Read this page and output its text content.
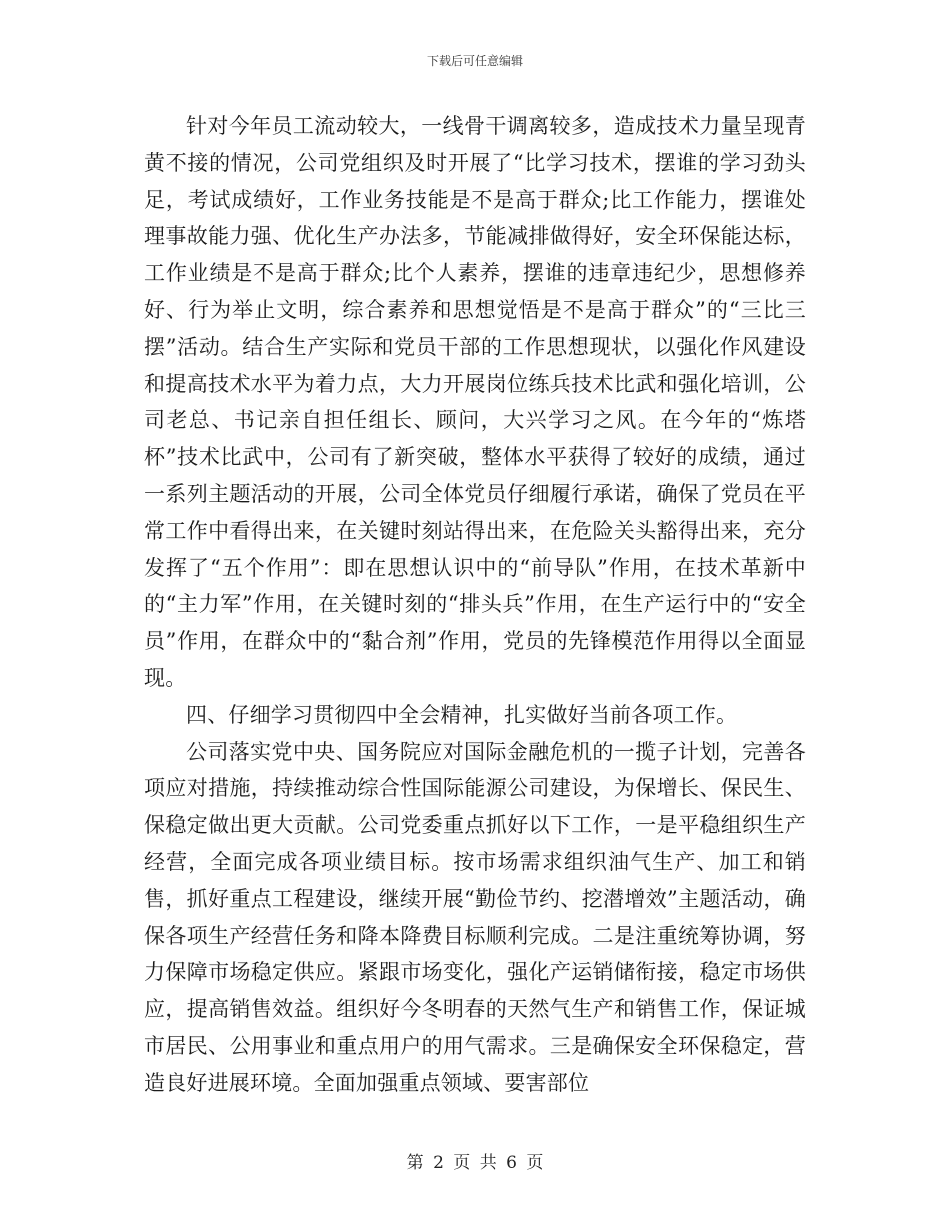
下载后可任意编辑

针对今年员工流动较大，一线骨干调离较多，造成技术力量呈现青黄不接的情况，公司党组织及时开展了“比学习技术，摆谁的学习劲头足，考试成绩好，工作业务技能是不是高于群众;比工作能力，摆谁处理事故能力强、优化生产办法多，节能减排做得好，安全环保能达标，工作业绩是不是高于群众;比个人素养，摆谁的违章违纪少，思想修养好、行为举止文明，综合素养和思想觉悟是不是高于群众”的“三比三摆”活动。结合生产实际和党员干部的工作思想现状，以强化作风建设和提高技术水平为着力点，大力开展岗位练兵技术比武和强化培训，公司老总、书记亲自担任组长、顾问，大兴学习之风。在今年的“炼塔杯”技术比武中，公司有了新突破，整体水平获得了较好的成绩，通过一系列主题活动的开展，公司全体党员仔细履行承诺，确保了党员在平常工作中看得出来，在关键时刻站得出来，在危险关头豁得出来，充分发挥了“五个作用”：即在思想认识中的“前导队”作用，在技术革新中的“主力军”作用，在关键时刻的“排头兵”作用，在生产运行中的“安全员”作用，在群众中的“黏合剂”作用，党员的先锋模范作用得以全面显现。

四、仔细学习贯彻四中全会精神，扎实做好当前各项工作。

公司落实党中央、国务院应对国际金融危机的一揽子计划，完善各项应对措施，持续推动综合性国际能源公司建设，为保增长、保民生、保稳定做出更大贡献。公司党委重点抓好以下工作，一是平稳组织生产经营，全面完成各项业绩目标。按市场需求组织油气生产、加工和销售，抓好重点工程建设，继续开展“勤俭节约、挖潜增效”主题活动，确保各项生产经营任务和降本降费目标顺利完成。二是注重统筹协调，努力保障市场稳定供应。紧跟市场变化，强化产运销储衔接，稳定市场供应，提高销售效益。组织好今冬明春的天然气生产和销售工作，保证城市居民、公用事业和重点用户的用气需求。三是确保安全环保稳定，营造良好进展环境。全面加强重点领域、要害部位

第 2 页 共 6 页
